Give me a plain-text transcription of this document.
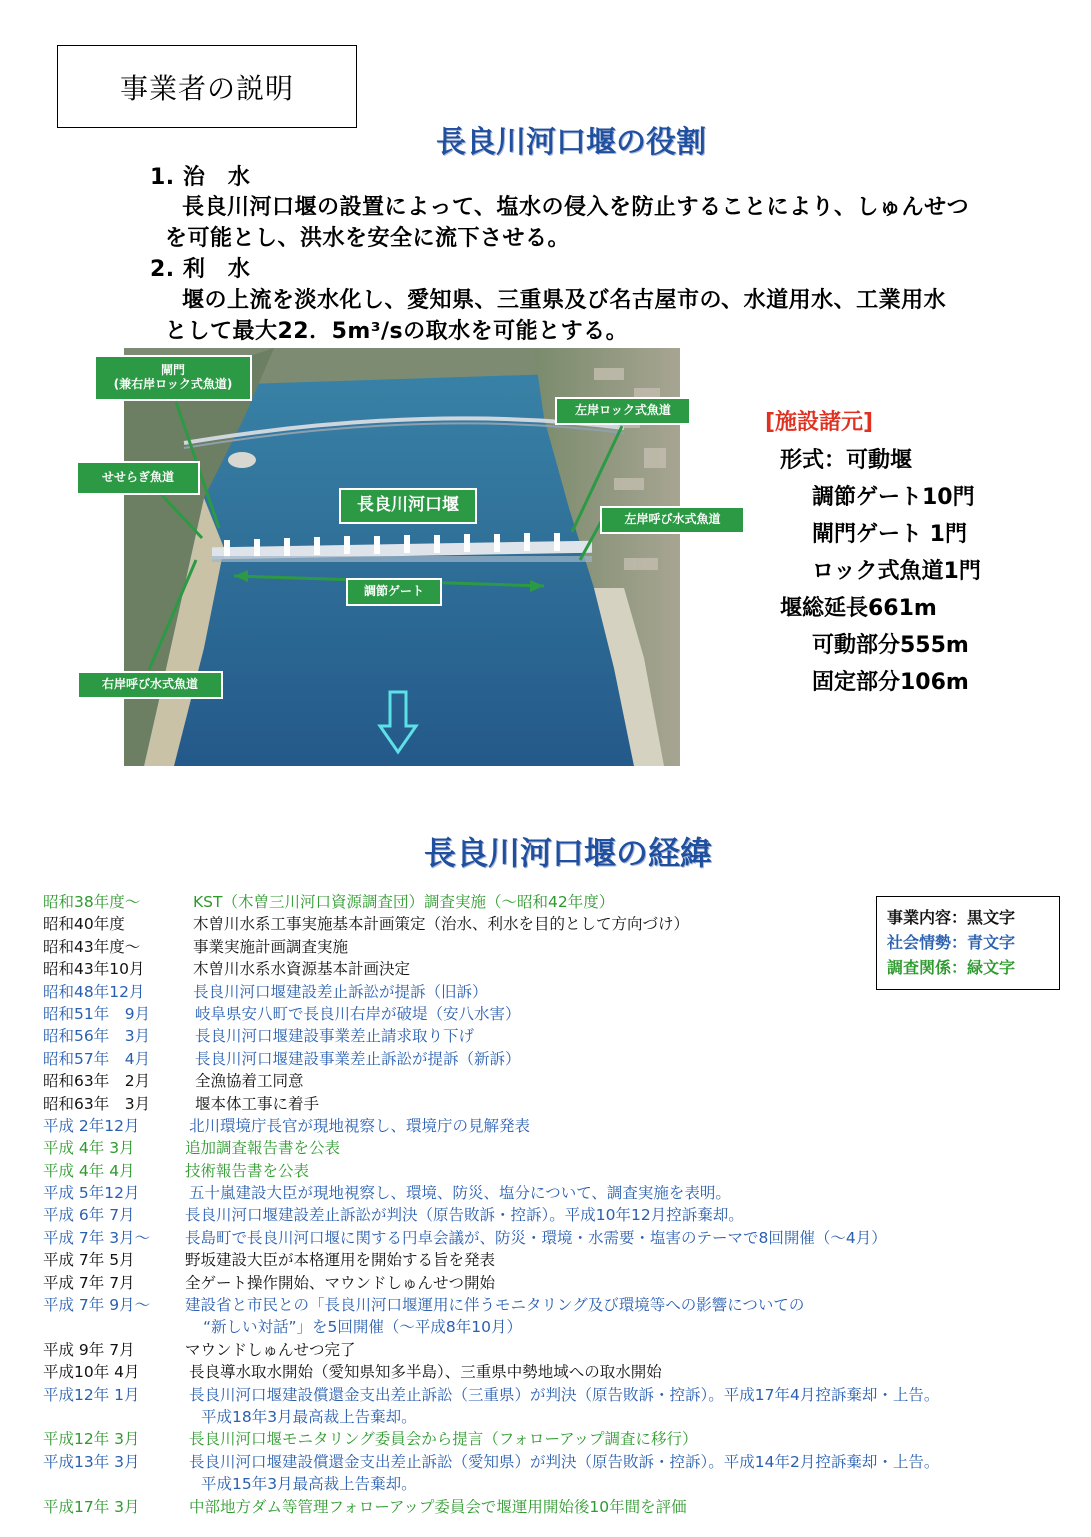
事業者の説明
長良川河口堰の役割
1. 治　水
長良川河口堰の設置によって、塩水の侵入を防止することにより、しゅんせつ
を可能とし、洪水を安全に流下させる。
2. 利　水
堰の上流を淡水化し、愛知県、三重県及び名古屋市の、水道用水、工業用水
として最大22．5m³/sの取水を可能とする。
閘門
(兼右岸ロック式魚道)
せせらぎ魚道
左岸ロック式魚道
左岸呼び水式魚道
右岸呼び水式魚道
長良川河口堰
調節ゲート
[施設諸元]
形式：可動堰
調節ゲート10門
閘門ゲート 1門
ロック式魚道1門
堰総延長661m
可動部分555m
固定部分106m
長良川河口堰の経緯
事業内容：黒文字
社会情勢：青文字
調査関係：緑文字
昭和38年度～	KST（木曽三川河口資源調査団）調査実施（～昭和42年度）
昭和40年度	木曽川水系工事実施基本計画策定（治水、利水を目的として方向づけ）
昭和43年度～	事業実施計画調査実施
昭和43年10月	木曽川水系水資源基本計画決定
昭和48年12月	長良川河口堰建設差止訴訟が提訴（旧訴）
昭和51年　9月	岐阜県安八町で長良川右岸が破堤（安八水害）
昭和56年　3月	長良川河口堰建設事業差止請求取り下げ
昭和57年　4月	長良川河口堰建設事業差止訴訟が提訴（新訴）
昭和63年　2月	全漁協着工同意
昭和63年　3月	堰本体工事に着手
平成 2年12月	北川環境庁長官が現地視察し、環境庁の見解発表
平成 4年 3月	追加調査報告書を公表
平成 4年 4月	技術報告書を公表
平成 5年12月	五十嵐建設大臣が現地視察し、環境、防災、塩分について、調査実施を表明。
平成 6年 7月	長良川河口堰建設差止訴訟が判決（原告敗訴・控訴）。平成10年12月控訴棄却。
平成 7年 3月～ 長島町で長良川河口堰に関する円卓会議が、防災・環境・水需要・塩害のテーマで8回開催（～4月）
平成 7年 5月	野坂建設大臣が本格運用を開始する旨を発表
平成 7年 7月	全ゲート操作開始、マウンドしゅんせつ開始
平成 7年 9月～ 建設省と市民との「長良川河口堰運用に伴うモニタリング及び環境等への影響についての
“新しい対話”」を5回開催（～平成8年10月）
平成 9年 7月	マウンドしゅんせつ完了
平成10年 4月	長良導水取水開始（愛知県知多半島）、三重県中勢地域への取水開始
平成12年 1月	長良川河口堰建設償還金支出差止訴訟（三重県）が判決（原告敗訴・控訴）。平成17年4月控訴棄却・上告。
平成18年3月最高裁上告棄却。
平成12年 3月	長良川河口堰モニタリング委員会から提言（フォローアップ調査に移行）
平成13年 3月	長良川河口堰建設償還金支出差止訴訟（愛知県）が判決（原告敗訴・控訴）。平成14年2月控訴棄却・上告。
平成15年3月最高裁上告棄却。
平成17年 3月	中部地方ダム等管理フォローアップ委員会で堰運用開始後10年間を評価
